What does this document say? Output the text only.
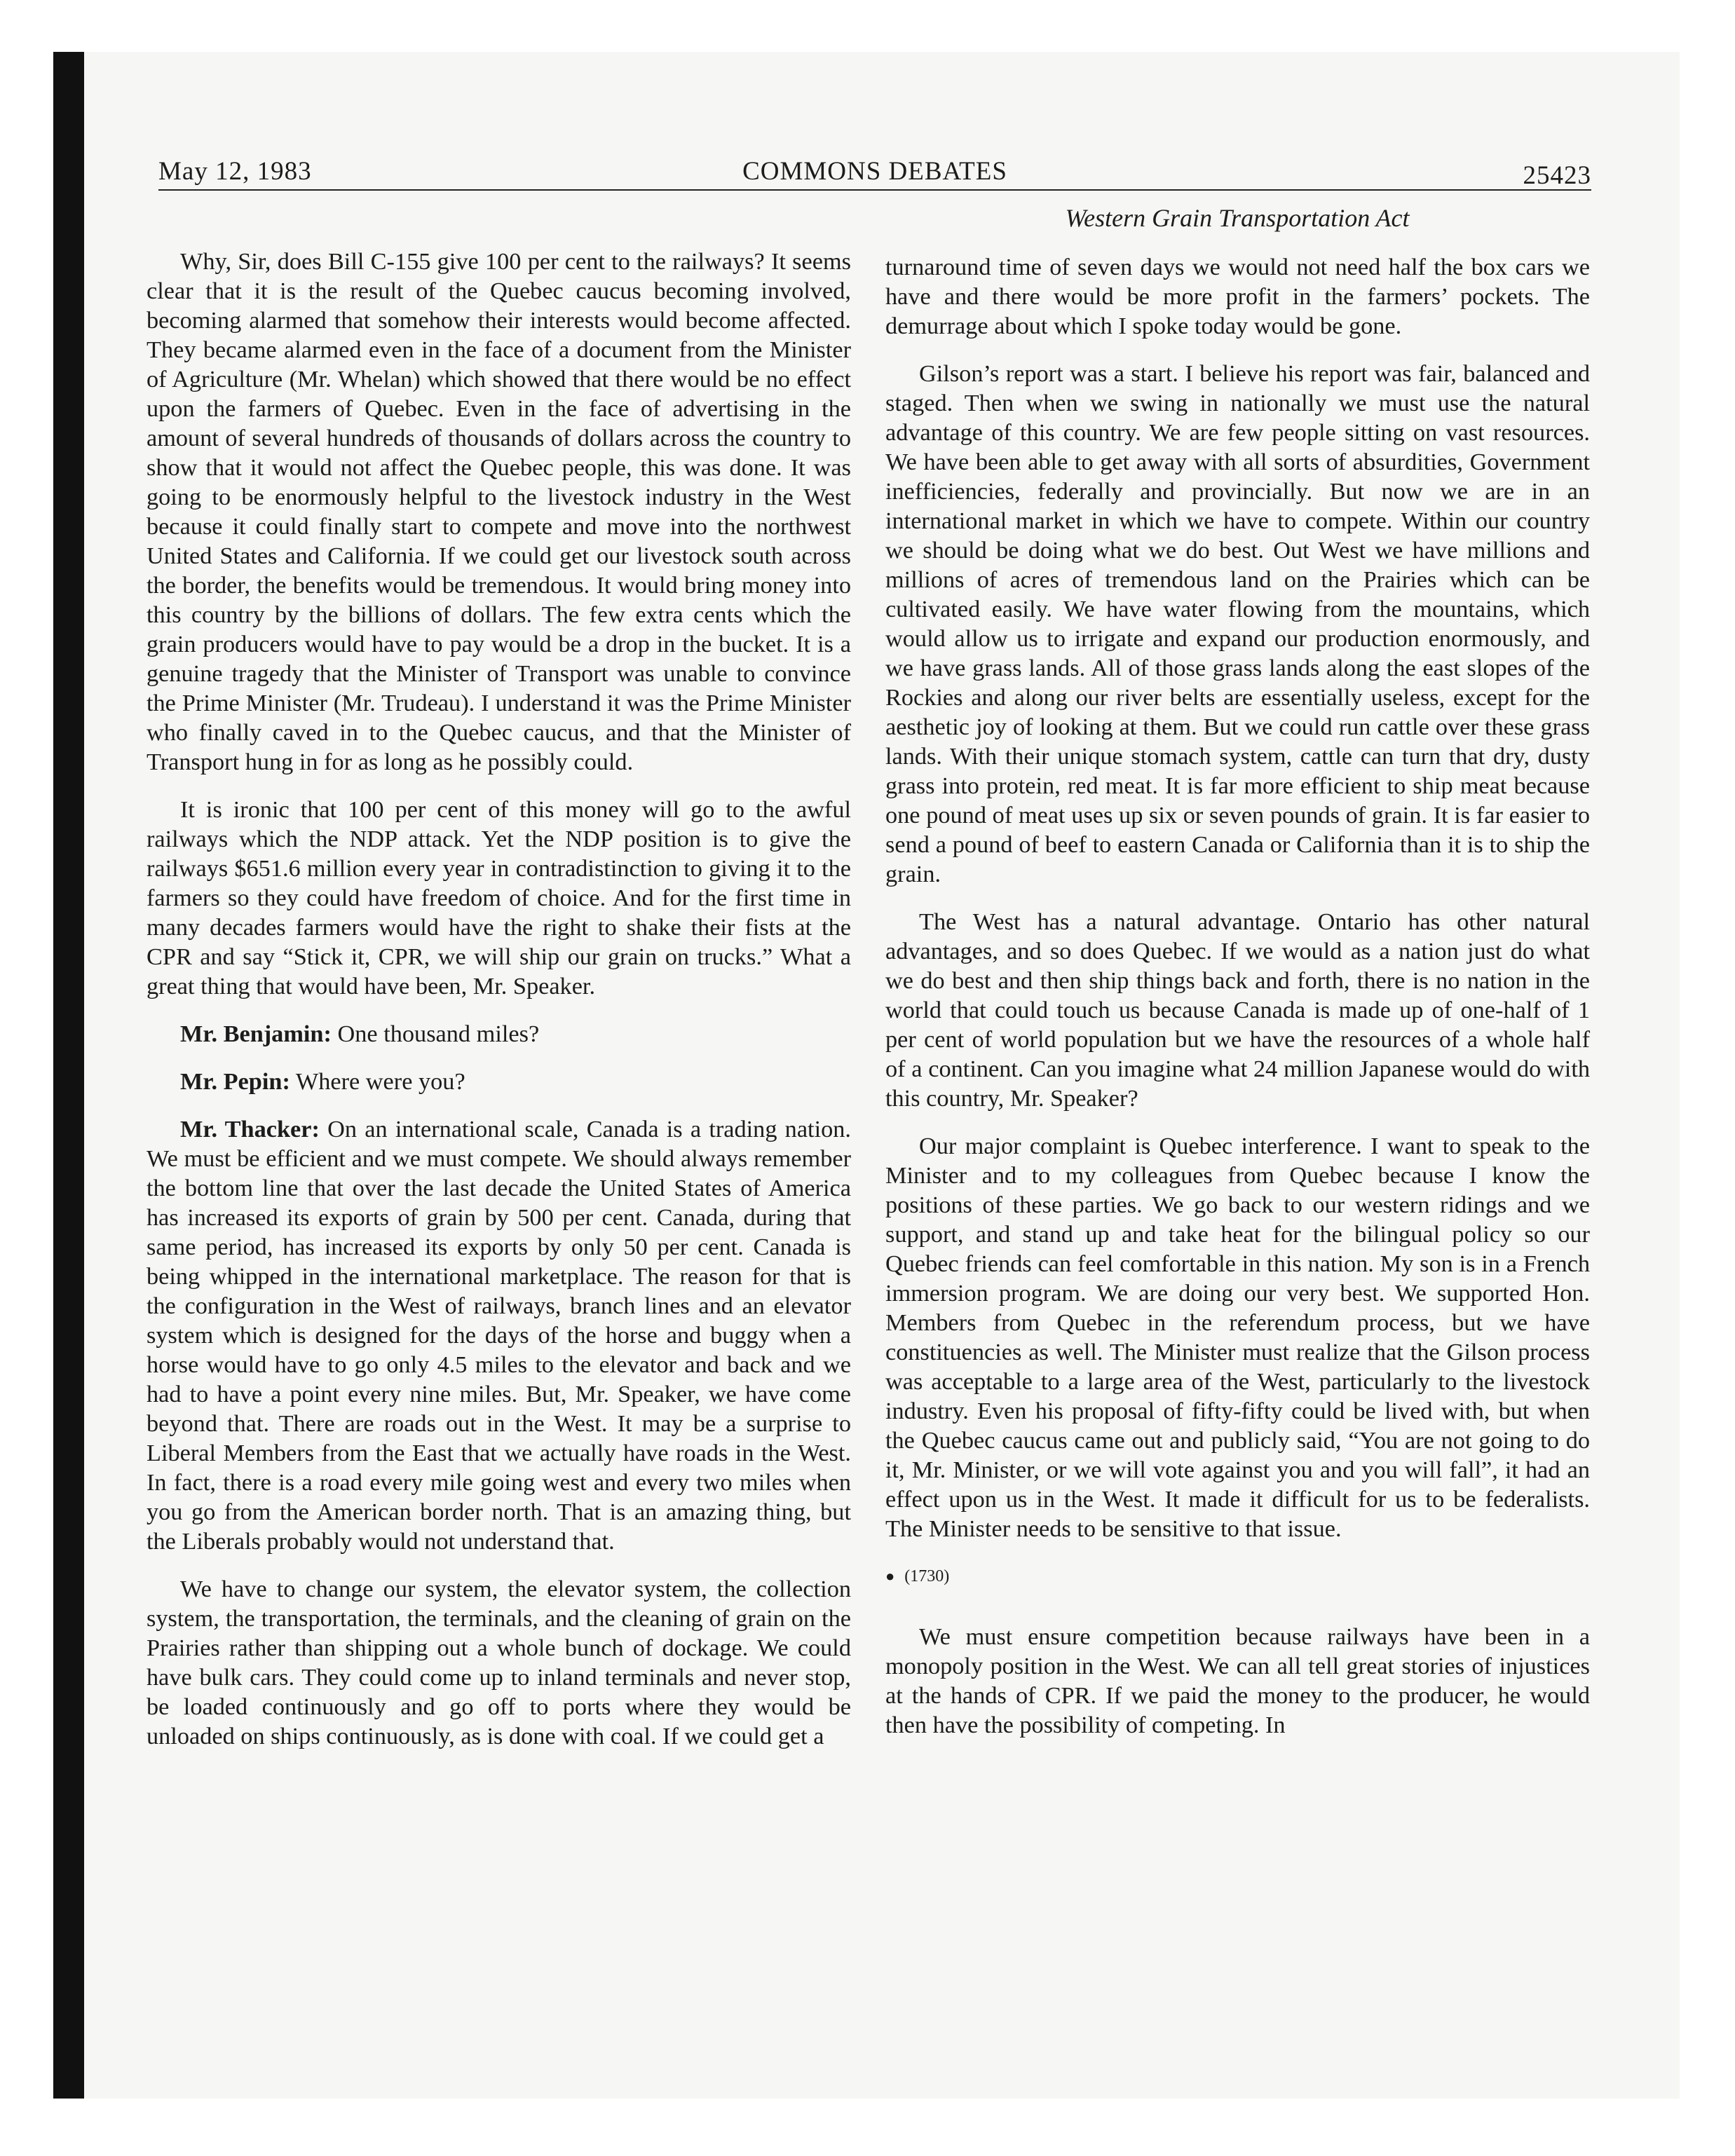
May 12, 1983	COMMONS DEBATES	25423
Western Grain Transportation Act

Why, Sir, does Bill C-155 give 100 per cent to the railways? It seems clear that it is the result of the Quebec caucus becoming involved, becoming alarmed that somehow their interests would become affected. They became alarmed even in the face of a document from the Minister of Agriculture (Mr. Whelan) which showed that there would be no effect upon the farmers of Quebec. Even in the face of advertising in the amount of several hundreds of thousands of dollars across the country to show that it would not affect the Quebec people, this was done. It was going to be enormously helpful to the livestock industry in the West because it could finally start to compete and move into the northwest United States and California. If we could get our livestock south across the border, the benefits would be tremendous. It would bring money into this country by the billions of dollars. The few extra cents which the grain producers would have to pay would be a drop in the bucket. It is a genuine tragedy that the Minister of Transport was unable to convince the Prime Minister (Mr. Trudeau). I understand it was the Prime Minister who finally caved in to the Quebec caucus, and that the Minister of Transport hung in for as long as he possibly could.

It is ironic that 100 per cent of this money will go to the awful railways which the NDP attack. Yet the NDP position is to give the railways $651.6 million every year in contradistinction to giving it to the farmers so they could have freedom of choice. And for the first time in many decades farmers would have the right to shake their fists at the CPR and say “Stick it, CPR, we will ship our grain on trucks.” What a great thing that would have been, Mr. Speaker.

Mr. Benjamin: One thousand miles?

Mr. Pepin: Where were you?

Mr. Thacker: On an international scale, Canada is a trading nation. We must be efficient and we must compete. We should always remember the bottom line that over the last decade the United States of America has increased its exports of grain by 500 per cent. Canada, during that same period, has increased its exports by only 50 per cent. Canada is being whipped in the international marketplace. The reason for that is the configuration in the West of railways, branch lines and an elevator system which is designed for the days of the horse and buggy when a horse would have to go only 4.5 miles to the elevator and back and we had to have a point every nine miles. But, Mr. Speaker, we have come beyond that. There are roads out in the West. It may be a surprise to Liberal Members from the East that we actually have roads in the West. In fact, there is a road every mile going west and every two miles when you go from the American border north. That is an amazing thing, but the Liberals probably would not understand that.

We have to change our system, the elevator system, the collection system, the transportation, the terminals, and the cleaning of grain on the Prairies rather than shipping out a whole bunch of dockage. We could have bulk cars. They could come up to inland terminals and never stop, be loaded continuously and go off to ports where they would be unloaded on ships continuously, as is done with coal. If we could get a

turnaround time of seven days we would not need half the box cars we have and there would be more profit in the farmers’ pockets. The demurrage about which I spoke today would be gone.

Gilson’s report was a start. I believe his report was fair, balanced and staged. Then when we swing in nationally we must use the natural advantage of this country. We are few people sitting on vast resources. We have been able to get away with all sorts of absurdities, Government inefficiencies, federally and provincially. But now we are in an international market in which we have to compete. Within our country we should be doing what we do best. Out West we have millions and millions of acres of tremendous land on the Prairies which can be cultivated easily. We have water flowing from the mountains, which would allow us to irrigate and expand our production enormously, and we have grass lands. All of those grass lands along the east slopes of the Rockies and along our river belts are essentially useless, except for the aesthetic joy of looking at them. But we could run cattle over these grass lands. With their unique stomach system, cattle can turn that dry, dusty grass into protein, red meat. It is far more efficient to ship meat because one pound of meat uses up six or seven pounds of grain. It is far easier to send a pound of beef to eastern Canada or California than it is to ship the grain.

The West has a natural advantage. Ontario has other natural advantages, and so does Quebec. If we would as a nation just do what we do best and then ship things back and forth, there is no nation in the world that could touch us because Canada is made up of one-half of 1 per cent of world population but we have the resources of a whole half of a continent. Can you imagine what 24 million Japanese would do with this country, Mr. Speaker?

Our major complaint is Quebec interference. I want to speak to the Minister and to my colleagues from Quebec because I know the positions of these parties. We go back to our western ridings and we support, and stand up and take heat for the bilingual policy so our Quebec friends can feel comfortable in this nation. My son is in a French immersion program. We are doing our very best. We supported Hon. Members from Quebec in the referendum process, but we have constituencies as well. The Minister must realize that the Gilson process was acceptable to a large area of the West, particularly to the livestock industry. Even his proposal of fifty-fifty could be lived with, but when the Quebec caucus came out and publicly said, “You are not going to do it, Mr. Minister, or we will vote against you and you will fall”, it had an effect upon us in the West. It made it difficult for us to be federalists. The Minister needs to be sensitive to that issue.

● (1730)

We must ensure competition because railways have been in a monopoly position in the West. We can all tell great stories of injustices at the hands of CPR. If we paid the money to the producer, he would then have the possibility of competing. In
